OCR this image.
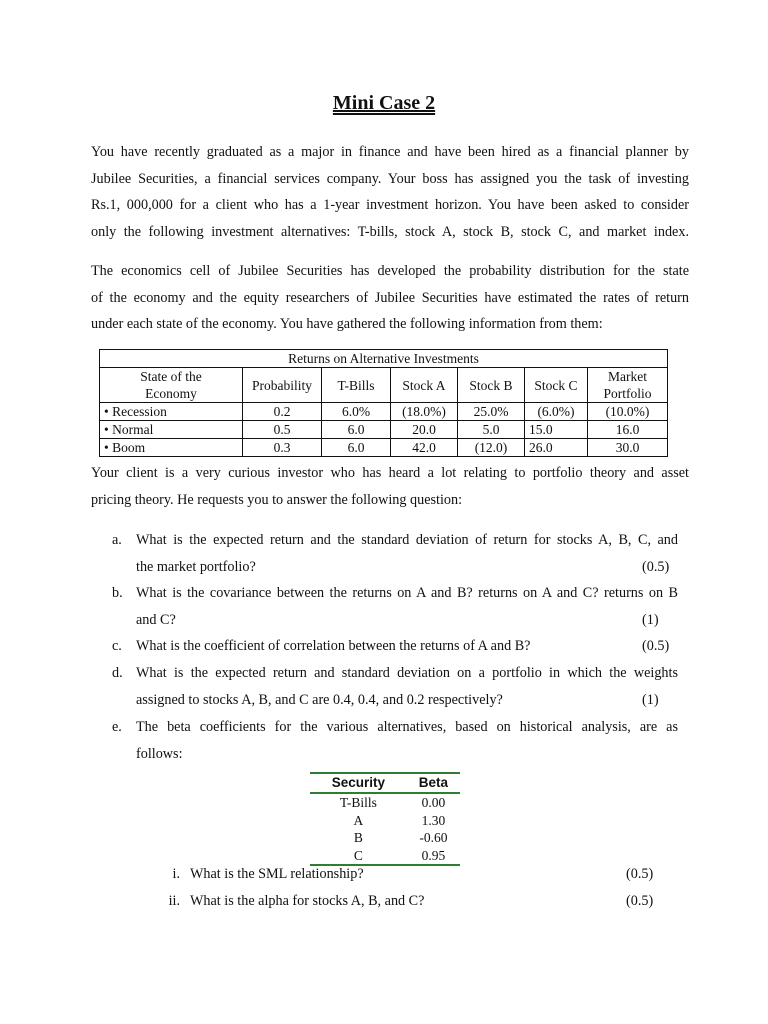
Mini Case 2
You have recently graduated as a major in finance and have been hired as a financial planner by
Jubilee Securities, a financial services company. Your boss has assigned you the task of investing
Rs.1, 000,000 for a client who has a 1-year investment horizon. You have been asked to consider
only the following investment alternatives: T-bills, stock A, stock B, stock C, and market index.
The economics cell of Jubilee Securities has developed the probability distribution for the state
of the economy and the equity researchers of Jubilee Securities have estimated the rates of return
under each state of the economy. You have gathered the following information from them:
Returns on Alternative Investments						
State of the
Economy	Probability	T-Bills	Stock A	Stock B	Stock C	Market
Portfolio
• Recession	0.2	6.0%	(18.0%)	25.0%	(6.0%)	(10.0%)
• Normal	0.5	6.0	20.0	5.0	15.0	16.0
• Boom	0.3	6.0	42.0	(12.0)	26.0	30.0
Your client is a very curious investor who has heard a lot relating to portfolio theory and asset
pricing theory. He requests you to answer the following question:
a. What is the expected return and the standard deviation of return for stocks A, B, C, and
the market portfolio?	(0.5)
b. What is the covariance between the returns on A and B? returns on A and C? returns on B
and C?	(1)
c. What is the coefficient of correlation between the returns of A and B?	(0.5)
d. What is the expected return and standard deviation on a portfolio in which the weights
assigned to stocks A, B, and C are 0.4, 0.4, and 0.2 respectively?	(1)
e. The beta coefficients for the various alternatives, based on historical analysis, are as
follows:
Security	Beta
T-Bills	0.00
A	1.30
B	-0.60
C	0.95
i. What is the SML relationship?	(0.5)
ii. What is the alpha for stocks A, B, and C?	(0.5)
